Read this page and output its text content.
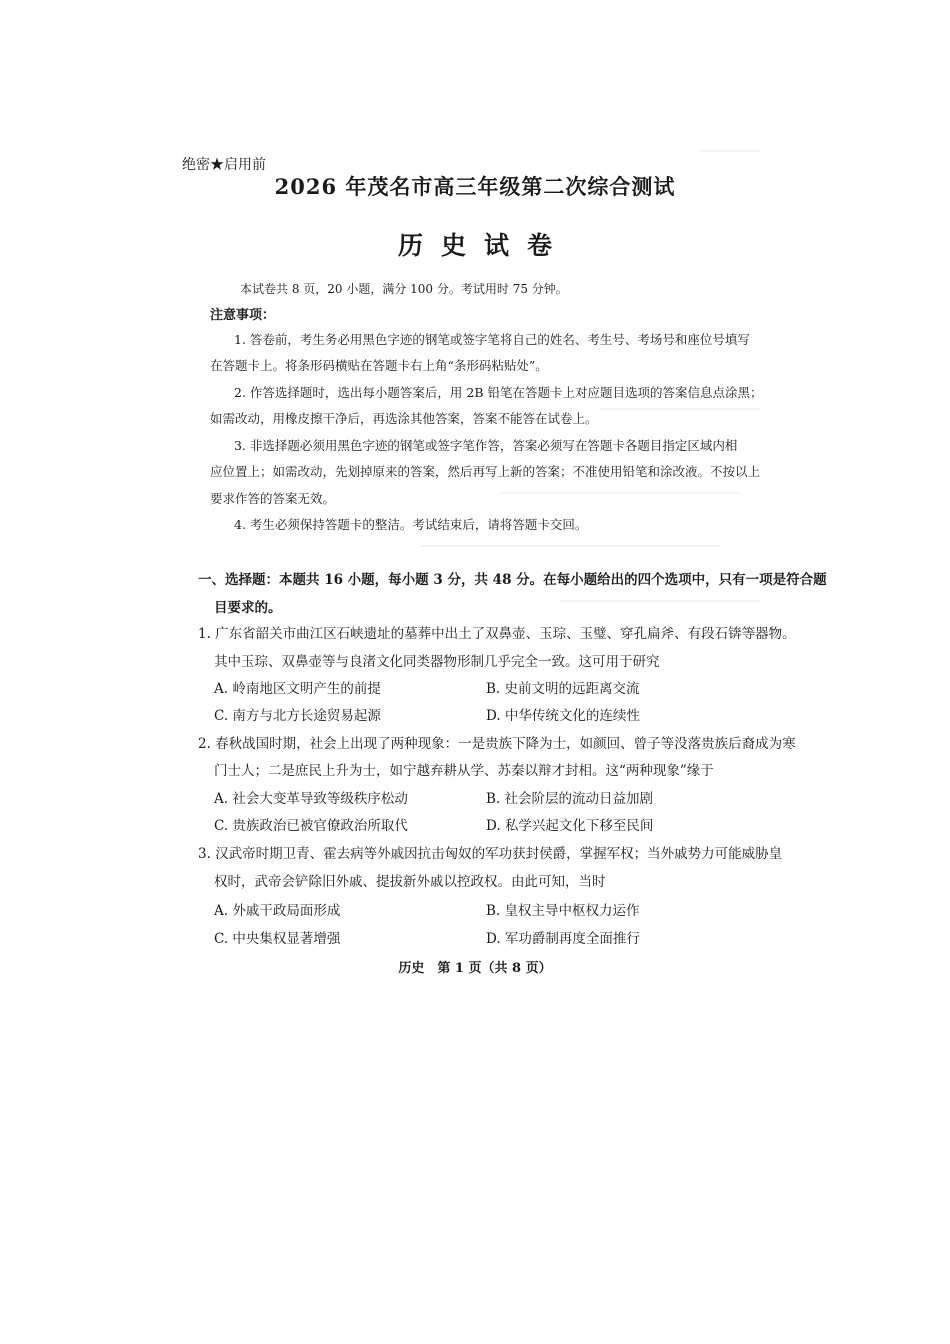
绝密★启用前
2026 年茂名市高三年级第二次综合测试
历史试卷
本试卷共 8 页，20 小题，满分 100 分。考试用时 75 分钟。
注意事项：
1. 答卷前，考生务必用黑色字迹的钢笔或签字笔将自己的姓名、考生号、考场号和座位号填写
在答题卡上。将条形码横贴在答题卡右上角“条形码粘贴处”。
2. 作答选择题时，选出每小题答案后，用 2B 铅笔在答题卡上对应题目选项的答案信息点涂黑；
如需改动，用橡皮擦干净后，再选涂其他答案，答案不能答在试卷上。
3. 非选择题必须用黑色字迹的钢笔或签字笔作答，答案必须写在答题卡各题目指定区域内相
应位置上；如需改动，先划掉原来的答案，然后再写上新的答案；不准使用铅笔和涂改液。不按以上
要求作答的答案无效。
4. 考生必须保持答题卡的整洁。考试结束后，请将答题卡交回。
一、选择题：本题共 16 小题，每小题 3 分，共 48 分。在每小题给出的四个选项中，只有一项是符合题
目要求的。
1. 广东省韶关市曲江区石峡遗址的墓葬中出土了双鼻壶、玉琮、玉璧、穿孔扁斧、有段石锛等器物。
其中玉琮、双鼻壶等与良渚文化同类器物形制几乎完全一致。这可用于研究
A. 岭南地区文明产生的前提	B. 史前文明的远距离交流
C. 南方与北方长途贸易起源	D. 中华传统文化的连续性
2. 春秋战国时期，社会上出现了两种现象：一是贵族下降为士，如颜回、曾子等没落贵族后裔成为寒
门士人；二是庶民上升为士，如宁越弃耕从学、苏秦以辩才封相。这“两种现象”缘于
A. 社会大变革导致等级秩序松动	B. 社会阶层的流动日益加剧
C. 贵族政治已被官僚政治所取代	D. 私学兴起文化下移至民间
3. 汉武帝时期卫青、霍去病等外戚因抗击匈奴的军功获封侯爵，掌握军权；当外戚势力可能威胁皇
权时，武帝会铲除旧外戚、提拔新外戚以控政权。由此可知，当时
A. 外戚干政局面形成	B. 皇权主导中枢权力运作
C. 中央集权显著增强	D. 军功爵制再度全面推行
历史　第 1 页（共 8 页）
